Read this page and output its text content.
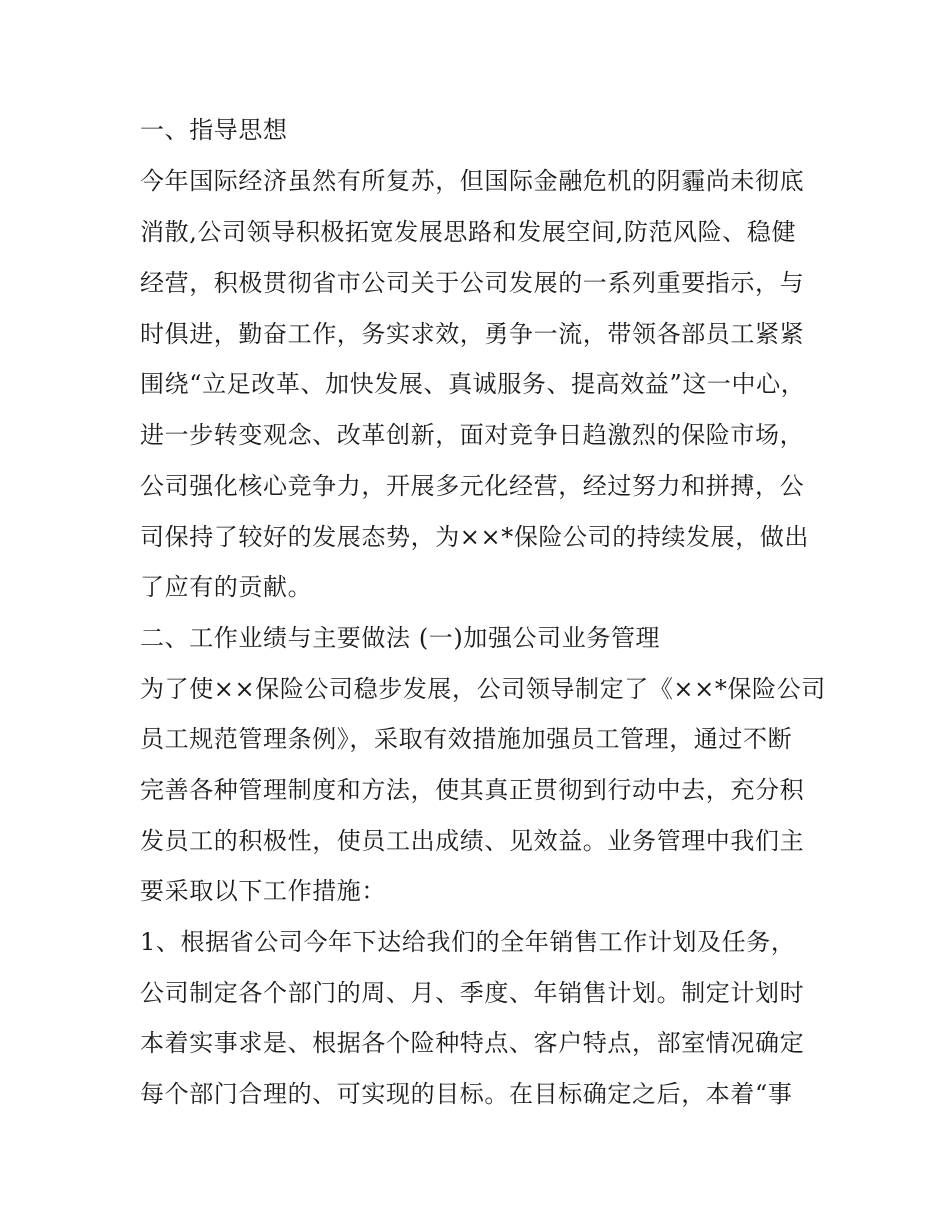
一、指导思想
今年国际经济虽然有所复苏，但国际金融危机的阴霾尚未彻底
消散,公司领导积极拓宽发展思路和发展空间,防范风险、稳健
经营，积极贯彻省市公司关于公司发展的一系列重要指示，与
时俱进，勤奋工作，务实求效，勇争一流，带领各部员工紧紧
围绕“立足改革、加快发展、真诚服务、提高效益”这一中心，
进一步转变观念、改革创新，面对竞争日趋激烈的保险市场，
公司强化核心竞争力，开展多元化经营，经过努力和拼搏，公
司保持了较好的发展态势，为××*保险公司的持续发展，做出
了应有的贡献。
二、工作业绩与主要做法 (一)加强公司业务管理
为了使××保险公司稳步发展，公司领导制定了《××*保险公司
员工规范管理条例》，采取有效措施加强员工管理，通过不断
完善各种管理制度和方法，使其真正贯彻到行动中去，充分积
发员工的积极性，使员工出成绩、见效益。业务管理中我们主
要采取以下工作措施：
1、根据省公司今年下达给我们的全年销售工作计划及任务，
公司制定各个部门的周、月、季度、年销售计划。制定计划时
本着实事求是、根据各个险种特点、客户特点，部室情况确定
每个部门合理的、可实现的目标。在目标确定之后，本着“事
